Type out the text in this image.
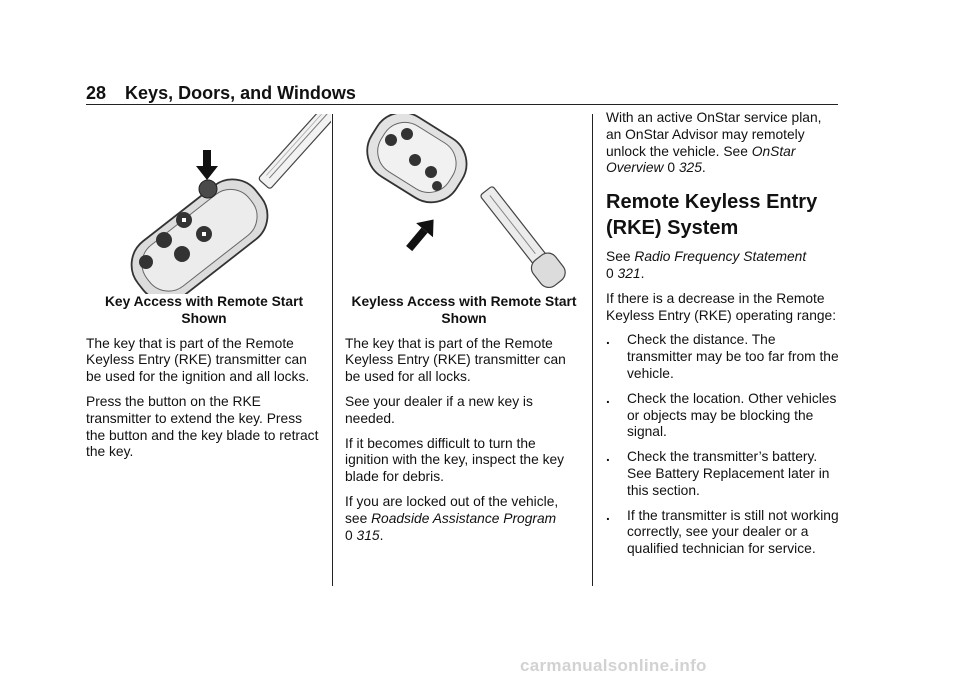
28 Keys, Doors, and Windows
Key Access with Remote Start
Shown

The key that is part of the Remote Keyless Entry (RKE) transmitter can be used for the ignition and all locks.

Press the button on the RKE transmitter to extend the key. Press the button and the key blade to retract the key.

Keyless Access with Remote Start
Shown

The key that is part of the Remote Keyless Entry (RKE) transmitter can be used for all locks.

See your dealer if a new key is needed.

If it becomes difficult to turn the ignition with the key, inspect the key blade for debris.

If you are locked out of the vehicle, see Roadside Assistance Program
0 315.

With an active OnStar service plan, an OnStar Advisor may remotely unlock the vehicle. See OnStar Overview 0 325.

Remote Keyless Entry (RKE) System

See Radio Frequency Statement
0 321.

If there is a decrease in the Remote Keyless Entry (RKE) operating range:

. Check the distance. The transmitter may be too far from the vehicle.
. Check the location. Other vehicles or objects may be blocking the signal.
. Check the transmitter’s battery. See Battery Replacement later in this section.
. If the transmitter is still not working correctly, see your dealer or a qualified technician for service.
carmanualsonline.info
